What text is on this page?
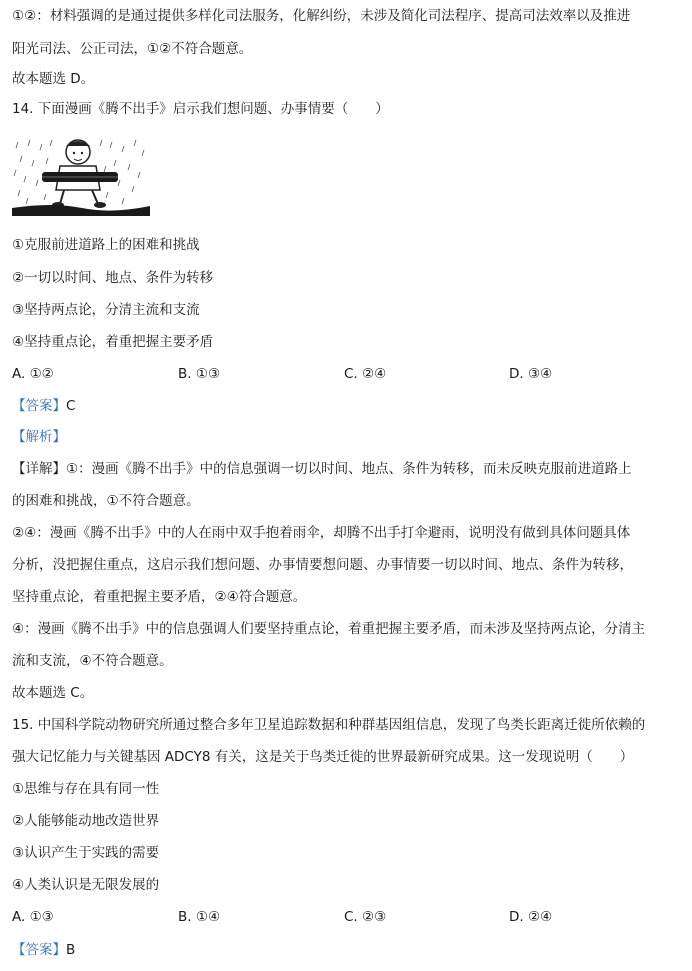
①②：材料强调的是通过提供多样化司法服务，化解纠纷，未涉及简化司法程序、提高司法效率以及推进
阳光司法、公正司法，①②不符合题意。
故本题选 D。
14. 下面漫画《腾不出手》启示我们想问题、办事情要（　　）
①克服前进道路上的困难和挑战
②一切以时间、地点、条件为转移
③坚持两点论，分清主流和支流
④坚持重点论，着重把握主要矛盾
A. ①②	B. ①③	C. ②④	D. ③④
【答案】C
【解析】
【详解】①：漫画《腾不出手》中的信息强调一切以时间、地点、条件为转移，而未反映克服前进道路上
的困难和挑战，①不符合题意。
②④：漫画《腾不出手》中的人在雨中双手抱着雨伞，却腾不出手打伞避雨，说明没有做到具体问题具体
分析，没把握住重点，这启示我们想问题、办事情要想问题、办事情要一切以时间、地点、条件为转移，
坚持重点论，着重把握主要矛盾，②④符合题意。
④：漫画《腾不出手》中的信息强调人们要坚持重点论，着重把握主要矛盾，而未涉及坚持两点论，分清主
流和支流，④不符合题意。
故本题选 C。
15. 中国科学院动物研究所通过整合多年卫星追踪数据和种群基因组信息，发现了鸟类长距离迁徙所依赖的
强大记忆能力与关键基因 ADCY8 有关，这是关于鸟类迁徙的世界最新研究成果。这一发现说明（　　）
①思维与存在具有同一性
②人能够能动地改造世界
③认识产生于实践的需要
④人类认识是无限发展的
A. ①③	B. ①④	C. ②③	D. ②④
【答案】B
